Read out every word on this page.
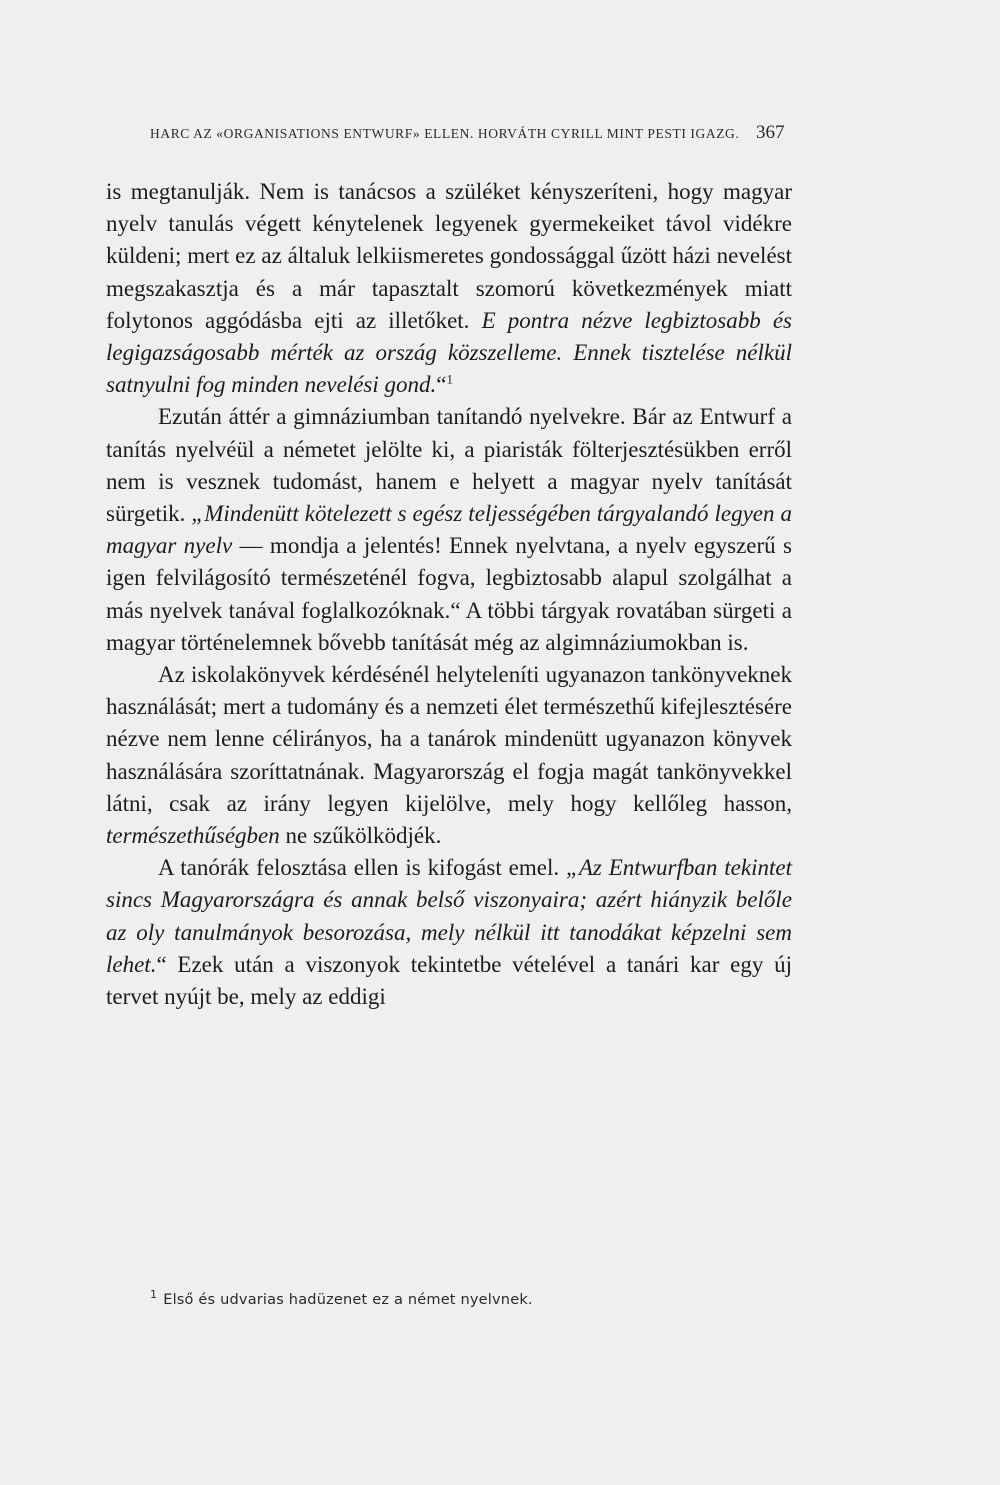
HARC AZ «ORGANISATIONS ENTWURF» ELLEN. HORVÁTH CYRILL MINT PESTI IGAZG. 367

is megtanulják. Nem is tanácsos a szüléket kényszeríteni, hogy magyar nyelv tanulás végett kénytelenek legyenek gyermekeiket távol vidékre küldeni; mert ez az általuk lelkiismeretes gondossággal űzött házi nevelést megszakasztja és a már tapasztalt szomorú következmények miatt folytonos aggódásba ejti az illetőket. E pontra nézve legbiztosabb és legigazságosabb mérték az ország közszelleme. Ennek tisztelése nélkül satnyulni fog minden nevelési gond.“$^1$

Ezután áttér a gimnáziumban tanítandó nyelvekre. Bár az Entwurf a tanítás nyelvéül a németet jelölte ki, a piaristák fölterjesztésükben erről nem is vesznek tudomást, hanem e helyett a magyar nyelv tanítását sürgetik. „Mindenütt kötelezett s egész teljességében tárgyalandó legyen a magyar nyelv — mondja a jelentés! Ennek nyelvtana, a nyelv egyszerű s igen felvilágosító természeténél fogva, legbiztosabb alapul szolgálhat a más nyelvek tanával foglalkozóknak.“ A többi tárgyak rovatában sürgeti a magyar történelemnek bővebb tanítását még az algimnáziumokban is.

Az iskolakönyvek kérdésénél helyteleníti ugyanazon tankönyveknek használását; mert a tudomány és a nemzeti élet természethű kifejlesztésére nézve nem lenne célirányos, ha a tanárok mindenütt ugyanazon könyvek használására szoríttatnának. Magyarország el fogja magát tankönyvekkel látni, csak az irány legyen kijelölve, mely hogy kellőleg hasson, természethűségben ne szűkölködjék.

A tanórák felosztása ellen is kifogást emel. „Az Entwurfban tekintet sincs Magyarországra és annak belső viszonyaira; azért hiányzik belőle az oly tanulmányok besorozása, mely nélkül itt tanodákat képzelni sem lehet.“ Ezek után a viszonyok tekintetbe vételével a tanári kar egy új tervet nyújt be, mely az eddigi

$^1$ Első és udvarias hadüzenet ez a német nyelvnek.
